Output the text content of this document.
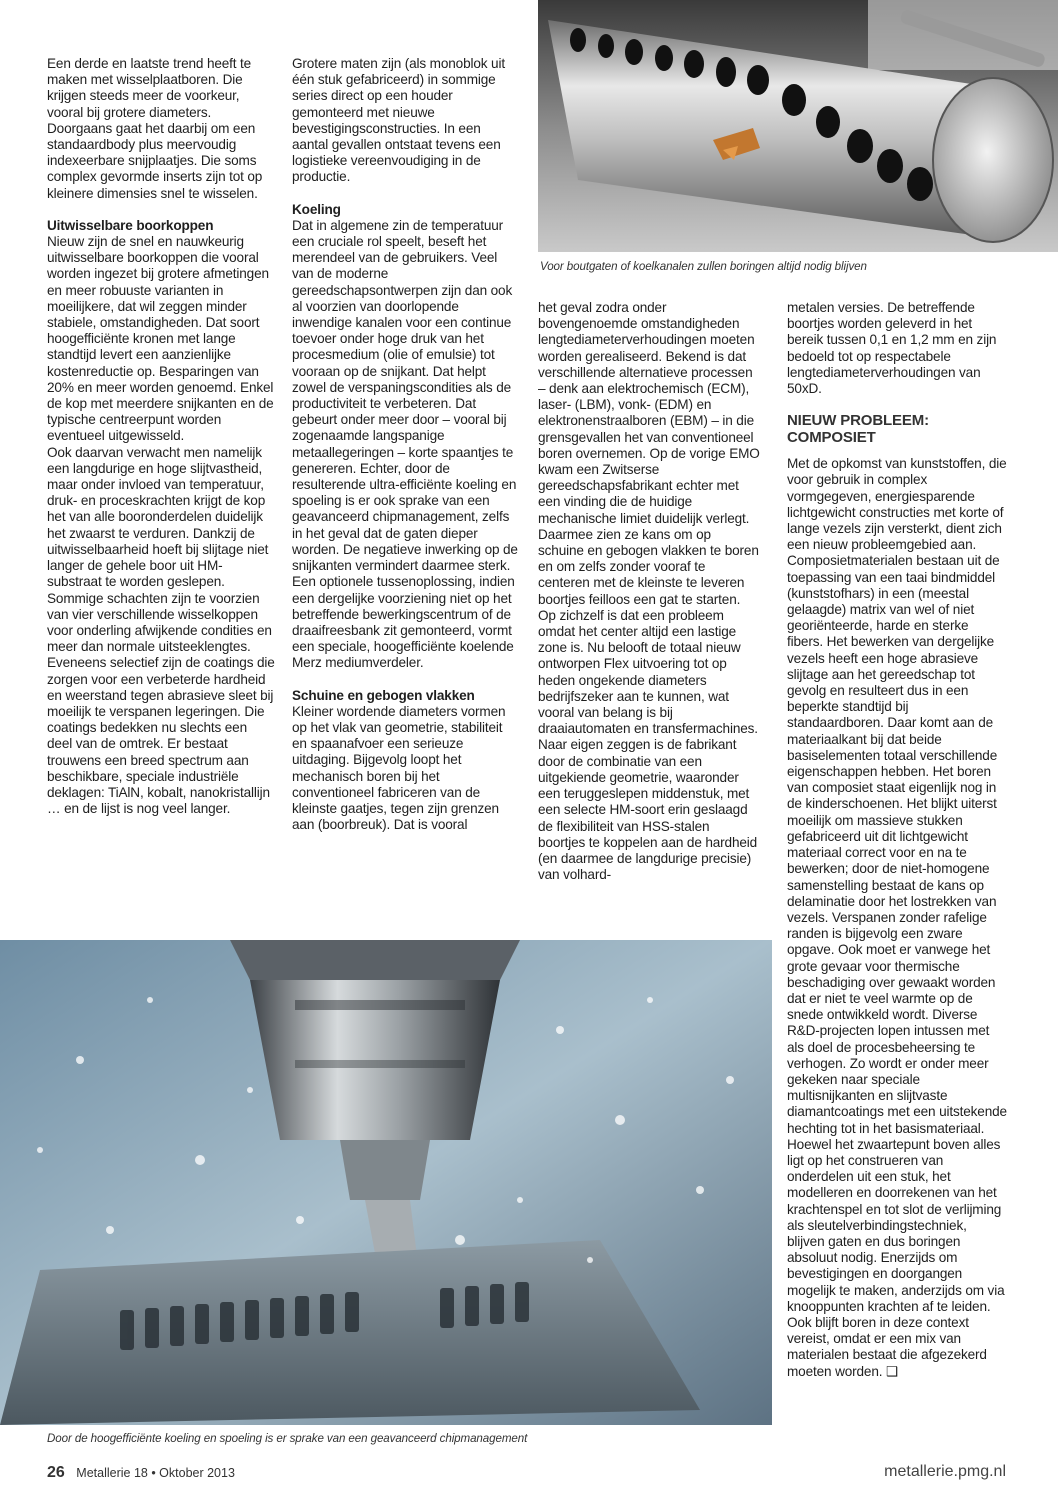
Een derde en laatste trend heeft te maken met wisselplaatboren. Die krijgen steeds meer de voorkeur, vooral bij grotere diameters. Doorgaans gaat het daarbij om een standaardbody plus meervoudig indexeerbare snijplaatjes. Die soms complex gevormde inserts zijn tot op kleinere dimensies snel te wisselen.

Uitwisselbare boorkoppen

Nieuw zijn de snel en nauwkeurig uitwisselbare boorkoppen die vooral worden ingezet bij grotere afmetingen en meer robuuste varianten in moeilijkere, dat wil zeggen minder stabiele, omstandigheden. Dat soort hoogefficiënte kronen met lange standtijd levert een aanzienlijke kostenreductie op. Besparingen van 20% en meer worden genoemd. Enkel de kop met meerdere snijkanten en de typische centreerpunt worden eventueel uitgewisseld.

Ook daarvan verwacht men namelijk een langdurige en hoge slijtvastheid, maar onder invloed van temperatuur, druk- en proceskrachten krijgt de kop het van alle booronderdelen duidelijk het zwaarst te verduren. Dankzij de uitwisselbaarheid hoeft bij slijtage niet langer de gehele boor uit HM-substraat te worden geslepen.

Sommige schachten zijn te voorzien van vier verschillende wisselkoppen voor onderling afwijkende condities en meer dan normale uitsteeklengtes. Eveneens selectief zijn de coatings die zorgen voor een verbeterde hardheid en weerstand tegen abrasieve sleet bij moeilijk te verspanen legeringen. Die coatings bedekken nu slechts een deel van de omtrek. Er bestaat trouwens een breed spectrum aan beschikbare, speciale industriële deklagen: TiAlN, kobalt, nanokristallijn … en de lijst is nog veel langer.

Grotere maten zijn (als monoblok uit één stuk gefabriceerd) in sommige series direct op een houder gemonteerd met nieuwe bevestigingsconstructies. In een aantal gevallen ontstaat tevens een logistieke vereenvoudiging in de productie.

Koeling

Dat in algemene zin de temperatuur een cruciale rol speelt, beseft het merendeel van de gebruikers. Veel van de moderne gereedschapsontwerpen zijn dan ook al voorzien van doorlopende inwendige kanalen voor een continue toevoer onder hoge druk van het procesmedium (olie of emulsie) tot vooraan op de snijkant. Dat helpt zowel de verspaningscondities als de productiviteit te verbeteren. Dat gebeurt onder meer door – vooral bij zogenaamde langspanige metaallegeringen – korte spaantjes te genereren. Echter, door de resulterende ultra-efficiënte koeling en spoeling is er ook sprake van een geavanceerd chipmanagement, zelfs in het geval dat de gaten dieper worden. De negatieve inwerking op de snijkanten vermindert daarmee sterk.

Een optionele tussenoplossing, indien een dergelijke voorziening niet op het betreffende bewerkingscentrum of de draaifreesbank zit gemonteerd, vormt een speciale, hoogefficiënte koelende Merz mediumverdeler.

Schuine en gebogen vlakken

Kleiner wordende diameters vormen op het vlak van geometrie, stabiliteit en spaanafvoer een serieuze uitdaging. Bijgevolg loopt het mechanisch boren bij het conventioneel fabriceren van de kleinste gaatjes, tegen zijn grenzen aan (boorbreuk). Dat is vooral

Voor boutgaten of koelkanalen zullen boringen altijd nodig blijven

het geval zodra onder bovengenoemde omstandigheden lengtediameterverhoudingen moeten worden gerealiseerd. Bekend is dat verschillende alternatieve processen – denk aan elektrochemisch (ECM), laser- (LBM), vonk- (EDM) en elektronenstraalboren (EBM) – in die grensgevallen het van conventioneel boren overnemen. Op de vorige EMO kwam een Zwitserse gereedschapsfabrikant echter met een vinding die de huidige mechanische limiet duidelijk verlegt. Daarmee zien ze kans om op schuine en gebogen vlakken te boren en om zelfs zonder vooraf te centeren met de kleinste te leveren boortjes feilloos een gat te starten. Op zichzelf is dat een probleem omdat het center altijd een lastige zone is. Nu belooft de totaal nieuw ontworpen Flex uitvoering tot op heden ongekende diameters bedrijfszeker aan te kunnen, wat vooral van belang is bij draaiautomaten en transfermachines. Naar eigen zeggen is de fabrikant door de combinatie van een uitgekiende geometrie, waaronder een teruggeslepen middenstuk, met een selecte HM-soort erin geslaagd de flexibiliteit van HSS-stalen boortjes te koppelen aan de hardheid (en daarmee de langdurige precisie) van volhard-

metalen versies. De betreffende boortjes worden geleverd in het bereik tussen 0,1 en 1,2 mm en zijn bedoeld tot op respectabele lengtediameterverhoudingen van 50xD.

NIEUW PROBLEEM: COMPOSIET

Met de opkomst van kunststoffen, die voor gebruik in complex vormgegeven, energiesparende lichtgewicht constructies met korte of lange vezels zijn versterkt, dient zich een nieuw probleemgebied aan. Composietmaterialen bestaan uit de toepassing van een taai bindmiddel (kunststofhars) in een (meestal gelaagde) matrix van wel of niet georiënteerde, harde en sterke fibers. Het bewerken van dergelijke vezels heeft een hoge abrasieve slijtage aan het gereedschap tot gevolg en resulteert dus in een beperkte standtijd bij standaardboren. Daar komt aan de materiaalkant bij dat beide basiselementen totaal verschillende eigenschappen hebben. Het boren van composiet staat eigenlijk nog in de kinderschoenen. Het blijkt uiterst moeilijk om massieve stukken gefabriceerd uit dit lichtgewicht materiaal correct voor en na te bewerken; door de niet-homogene samenstelling bestaat de kans op delaminatie door het lostrekken van vezels. Verspanen zonder rafelige randen is bijgevolg een zware opgave. Ook moet er vanwege het grote gevaar voor thermische beschadiging over gewaakt worden dat er niet te veel warmte op de snede ontwikkeld wordt. Diverse R&D-projecten lopen intussen met als doel de procesbeheersing te verhogen. Zo wordt er onder meer gekeken naar speciale multisnijkanten en slijtvaste diamantcoatings met een uitstekende hechting tot in het basismateriaal. Hoewel het zwaartepunt boven alles ligt op het construeren van onderdelen uit een stuk, het modelleren en doorrekenen van het krachtenspel en tot slot de verlijming als sleutelverbindingstechniek, blijven gaten en dus boringen absoluut nodig. Enerzijds om bevestigingen en doorgangen mogelijk te maken, anderzijds om via knooppunten krachten af te leiden.

Ook blijft boren in deze context vereist, omdat er een mix van materialen bestaat die afgezekerd moeten worden. ❑

Door de hoogefficiënte koeling en spoeling is er sprake van een geavanceerd chipmanagement
26 Metallerie 18 • Oktober 2013	metallerie.pmg.nl
